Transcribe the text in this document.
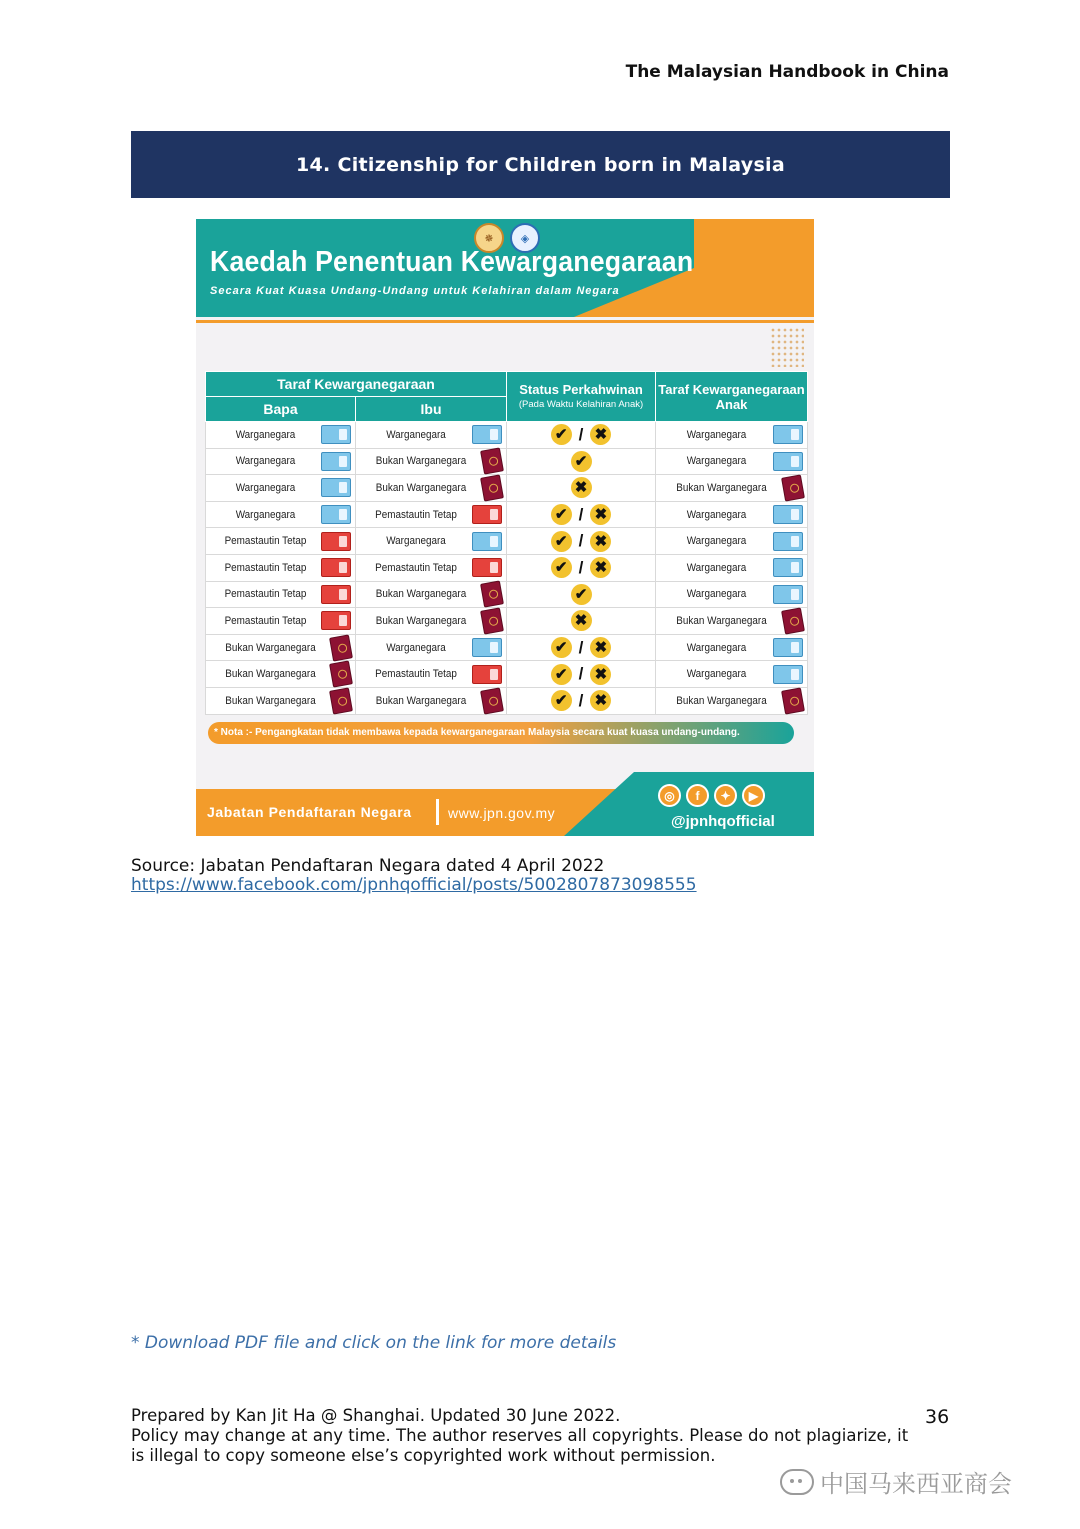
The Malaysian Handbook in China
14. Citizenship for Children born in Malaysia
✵	◈
Kaedah Penentuan Kewarganegaraan
Secara Kuat Kuasa Undang-Undang untuk Kelahiran dalam Negara
Taraf Kewarganegaraan		Status Perkahwinan
(Pada Waktu Kelahiran Anak)	Taraf Kewarganegaraan
Anak
Bapa	Ibu		

Warganegara	Warganegara	✔ / ✖	Warganegara

Warganegara	Bukan Warganegara	✔	Warganegara

Warganegara	Bukan Warganegara	✖	Bukan Warganegara

Warganegara	Pemastautin Tetap	✔ / ✖	Warganegara

Pemastautin Tetap	Warganegara	✔ / ✖	Warganegara

Pemastautin Tetap	Pemastautin Tetap	✔ / ✖	Warganegara

Pemastautin Tetap	Bukan Warganegara	✔	Warganegara

Pemastautin Tetap	Bukan Warganegara	✖	Bukan Warganegara

Bukan Warganegara	Warganegara	✔ / ✖	Warganegara

Bukan Warganegara	Pemastautin Tetap	✔ / ✖	Warganegara

Bukan Warganegara	Bukan Warganegara	✔ / ✖	Bukan Warganegara
* Nota :- Pengangkatan tidak membawa kepada kewarganegaraan Malaysia secara kuat kuasa undang-undang.
Jabatan Pendaftaran Negara	www.jpn.gov.my
◎	f	✦	▶
@jpnhqofficial
Source: Jabatan Pendaftaran Negara dated 4 April 2022
https://www.facebook.com/jpnhqofficial/posts/5002807873098555
* Download PDF file and click on the link for more details
Prepared by Kan Jit Ha @ Shanghai. Updated 30 June 2022.
Policy may change at any time. The author reserves all copyrights. Please do not plagiarize, it
is illegal to copy someone else’s copyrighted work without permission.
36
中国马来西亚商会
